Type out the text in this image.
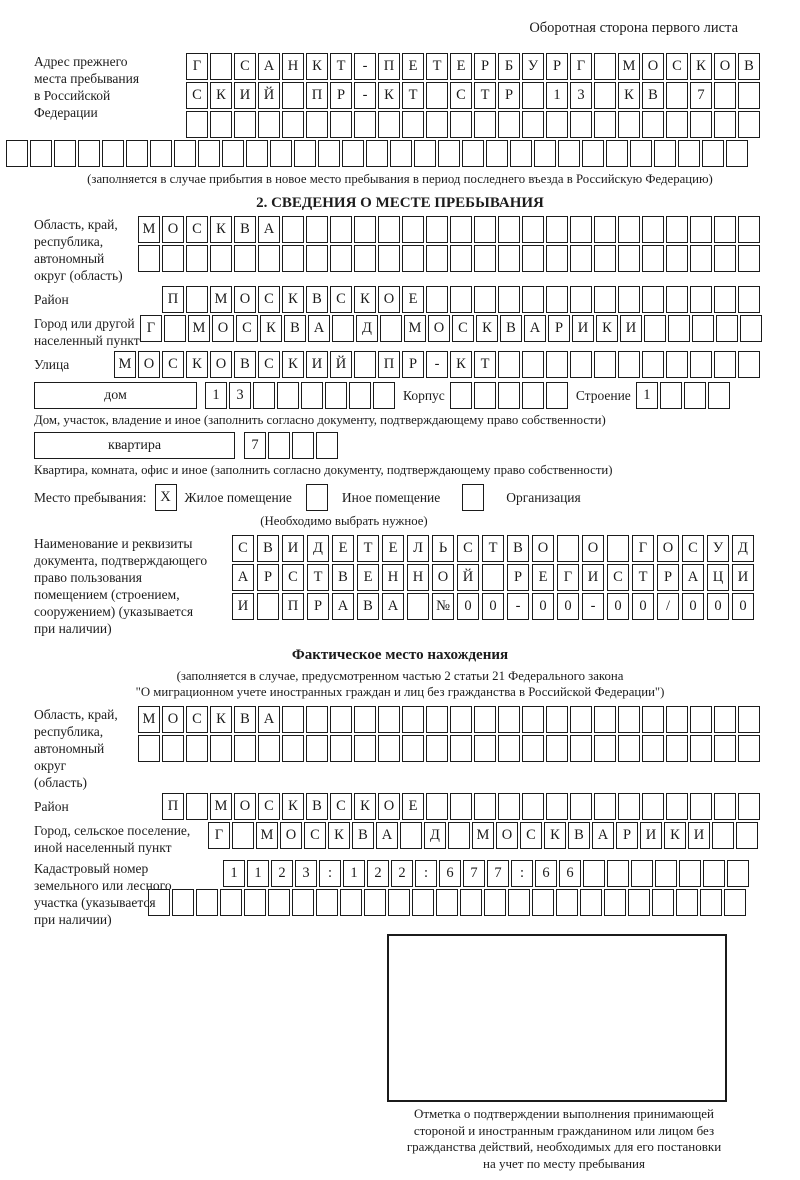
Оборотная сторона первого листа
Адрес прежнего
места пребывания
в Российской
Федерации
Г	С А Н К	Т	-	П Е	Т	Е	Р	Б	У	Р	Г	М О С К О В
С К И Й	П	Р	-	К	Т	С	Т	Р	1	3	К В	7
(заполняется в случае прибытия в новое место пребывания в период последнего въезда в Российскую Федерацию)
2. СВЕДЕНИЯ О МЕСТЕ ПРЕБЫВАНИЯ
Область, край,
республика,
автономный
округ (область)
М О С К В А
Район	П	М О С К В С К О Е
Город или другой
населенный пункт
Г	М О С К В А	Д	М О С К В А	Р	И К И
Улица	М О С К О В С К И Й	П	Р	-	К	Т
дом	1	3	Корпус	Строение 1
Дом, участок, владение и иное (заполнить согласно документу, подтверждающему право собственности)
квартира	7
Квартира, комната, офис и иное (заполнить согласно документу, подтверждающему право собственности)
Место пребывания: X	Жилое помещение	Иное помещение	Организация
(Необходимо выбрать нужное)
Наименование и реквизиты
документа, подтверждающего
право пользования
помещением (строением,
сооружением) (указывается
при наличии)
С	В	И	Д	Е	Т	Е	Л	Ь	С	Т	В	О	О	Г	О	С	У	Д
А	Р	С	Т	В	Е	Н	Н	О	Й	Р	Е	Г	И	С	Т	Р	А	Ц	И
И	П	Р	А	В	А	№ 0	0	-	0	0	-	0	0	/	0	0	0
Фактическое место нахождения
(заполняется в случае, предусмотренном частью 2 статьи 21 Федерального закона
"О миграционном учете иностранных граждан и лиц без гражданства в Российской Федерации")
Область, край,
республика,
автономный округ
(область)
М О С К В А
Район	П	М О С К В С К О Е
Город, сельское поселение,
иной населенный пункт
Г	М О С К В А	Д	М О С К В А	Р	И К И
Кадастровый номер
земельного или лесного
участка (указывается
при наличии)
1	1	2	3	:	1	2	2	:	6	7	7	:	6	6
Отметка о подтверждении выполнения принимающей
стороной и иностранным гражданином или лицом без
гражданства действий, необходимых для его постановки
на учет по месту пребывания
